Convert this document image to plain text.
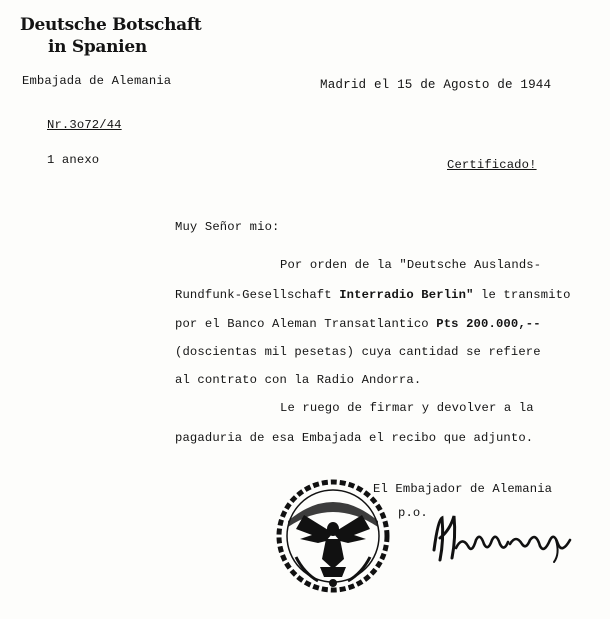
Deutsche Botschaft
in Spanien
Embajada de Alemania	Madrid el 15 de Agosto de 1944
Nr.3o72/44
1 anexo	Certificado!
Muy Señor mio:
Por orden de la "Deutsche Auslands-
Rundfunk-Gesellschaft Interradio Berlin" le transmito
por el Banco Aleman Transatlantico Pts 200.000,--
(doscientas mil pesetas) cuya cantidad se refiere
al contrato con la Radio Andorra.
Le ruego de firmar y devolver a la
pagaduria de esa Embajada el recibo que adjunto.
El Embajador de Alemania
p.o.
